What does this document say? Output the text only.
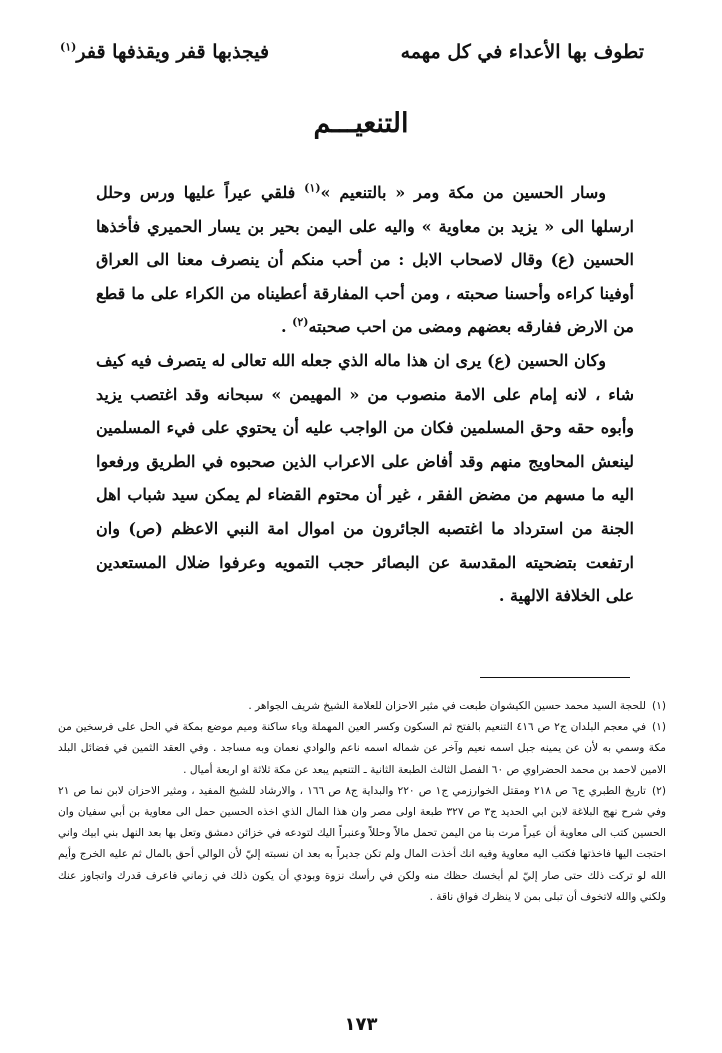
تطوف بها الأعداء في كل مهمه
فيجذبها قفر ويقذفها قفر$^{(١)}$
التنعيـــم

وسار الحسين من مكة ومر « بالتنعيم »$^{(١)}$ فلقي عيراً عليها ورس وحلل ارسلها الى « يزيد بن معاوية » واليه على اليمن بحير بن يسار الحميري فأخذها الحسين (ع) وقال لاصحاب الابل : من أحب منكم أن ينصرف معنا الى العراق أوفينا كراءه وأحسنا صحبته ، ومن أحب المفارقة أعطيناه من الكراء على ما قطع من الارض ففارقه بعضهم ومضى من احب صحبته$^{(٢)}$ .

وكان الحسين (ع) يرى ان هذا ماله الذي جعله الله تعالى له يتصرف فيه كيف شاء ، لانه إمام على الامة منصوب من « المهيمن » سبحانه وقد اغتصب يزيد وأبوه حقه وحق المسلمين فكان من الواجب عليه أن يحتوي على فيء المسلمين لينعش المحاويج منهم وقد أفاض على الاعراب الذين صحبوه في الطريق ورفعوا اليه ما مسهم من مضض الفقر ، غير أن محتوم القضاء لم يمكن سيد شباب اهل الجنة من استرداد ما اغتصبه الجائرون من اموال امة النبي الاعظم (ص) وان ارتفعت بتضحيته المقدسة عن البصائر حجب التمويه وعرفوا ضلال المستعدين على الخلافة الالهية .

(١)للحجة السيد محمد حسين الكيشوان طبعت في مثير الاحزان للعلامة الشيخ شريف الجواهر .

(١)في معجم البلدان ج٢ ص ٤١٦ التنعيم بالفتح ثم السكون وكسر العين المهملة وياء ساكنة وميم موضع بمكة في الحل على فرسخين من مكة وسمي به لأن عن يمينه جبل اسمه نعيم وآخر عن شماله اسمه ناعم والوادي نعمان وبه مساجد . وفي العقد الثمين في فضائل البلد الامين لاحمد بن محمد الحضراوي ص ٦٠ الفصل الثالث الطبعة الثانية ـ التنعيم يبعد عن مكة ثلاثة او اربعة أميال .

(٢)تاريخ الطبري ج٦ ص ٢١٨ ومقتل الخوارزمي ج١ ص ٢٢٠ والبداية ج٨ ص ١٦٦ ، والارشاد للشيخ المفيد ، ومثير الاحزان لابن نما ص ٢١ وفي شرح نهج البلاغة لابن ابي الحديد ج٣ ص ٣٢٧ طبعة اولى مصر وان هذا المال الذي اخذه الحسين حمل الى معاوية بن أبي سفيان وان الحسين كتب الى معاوية أن عيراً مرت بنا من اليمن تحمل مالاً وحللاً وعنبراً اليك لتودعه في خزائن دمشق وتعل بها بعد النهل بني ابيك واني احتجت اليها فاخذتها فكتب اليه معاوية وفيه انك أخذت المال ولم تكن جديراً به بعد ان نسبته إليّ لأن الوالي أحق بالمال ثم عليه الخرج وأيم الله لو تركت ذلك حتى صار إليّ لم أبخسك حظك منه ولكن في رأسك نزوة وبودي أن يكون ذلك في زماني فاعرف قدرك واتجاوز عنك ولكني والله لاتخوف أن تبلى بمن لا ينظرك فواق ناقة .

١٧٣
